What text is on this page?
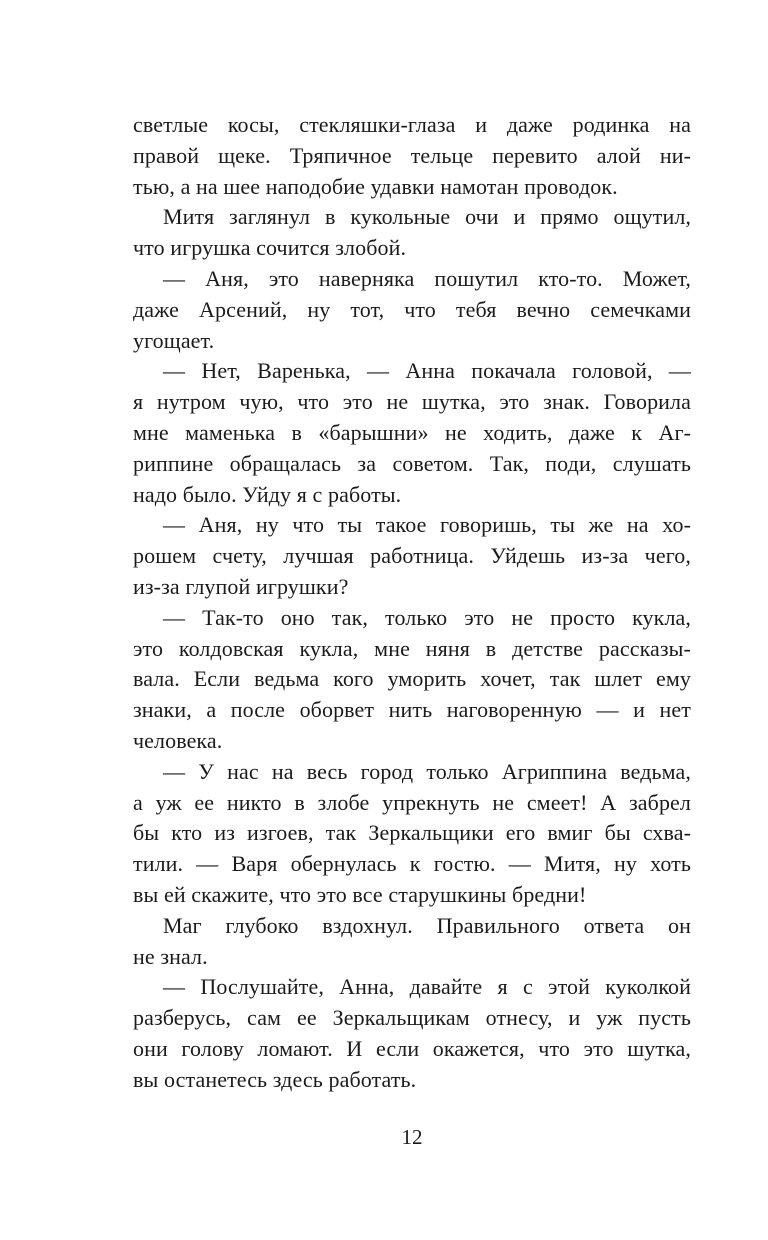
светлые косы, стекляшки-глаза и даже родинка на
правой щеке. Тряпичное тельце перевито алой ни-
тью, а на шее наподобие удавки намотан проводок.
Митя заглянул в кукольные очи и прямо ощутил,
что игрушка сочится злобой.
— Аня, это наверняка пошутил кто-то. Может,
даже Арсений, ну тот, что тебя вечно семечками
угощает.
— Нет, Варенька, — Анна покачала головой, —
я нутром чую, что это не шутка, это знак. Говорила
мне маменька в «барышни» не ходить, даже к Аг-
риппине обращалась за советом. Так, поди, слушать
надо было. Уйду я с работы.
— Аня, ну что ты такое говоришь, ты же на хо-
рошем счету, лучшая работница. Уйдешь из-за чего,
из-за глупой игрушки?
— Так-то оно так, только это не просто кукла,
это колдовская кукла, мне няня в детстве рассказы-
вала. Если ведьма кого уморить хочет, так шлет ему
знаки, а после оборвет нить наговоренную — и нет
человека.
— У нас на весь город только Агриппина ведьма,
а уж ее никто в злобе упрекнуть не смеет! А забрел
бы кто из изгоев, так Зеркальщики его вмиг бы схва-
тили. — Варя обернулась к гостю. — Митя, ну хоть
вы ей скажите, что это все старушкины бредни!
Маг глубоко вздохнул. Правильного ответа он
не знал.
— Послушайте, Анна, давайте я с этой куколкой
разберусь, сам ее Зеркальщикам отнесу, и уж пусть
они голову ломают. И если окажется, что это шутка,
вы останетесь здесь работать.
12
